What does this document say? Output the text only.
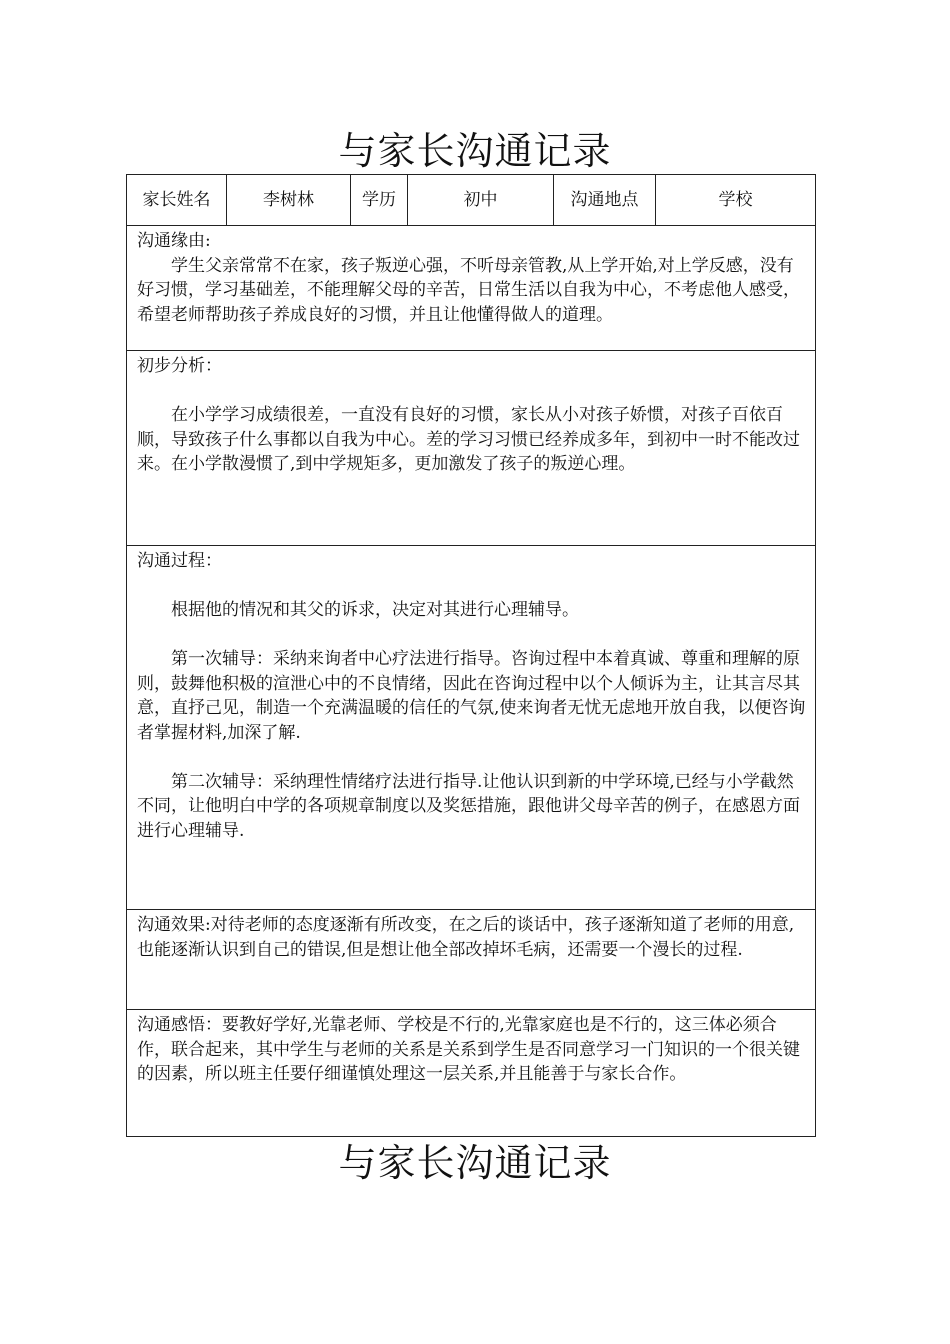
与家长沟通记录
家长姓名	李树林	学历	初中	沟通地点	学校
沟通缘由:

学生父亲常常不在家，孩子叛逆心强，不听母亲管教,从上学开始,对上学反感，没有好习惯，学习基础差，不能理解父母的辛苦，日常生活以自我为中心，不考虑他人感受，希望老师帮助孩子养成良好的习惯，并且让他懂得做人的道理。

初步分析：

在小学学习成绩很差，一直没有良好的习惯，家长从小对孩子娇惯，对孩子百依百顺，导致孩子什么事都以自我为中心。差的学习习惯已经养成多年，到初中一时不能改过来。在小学散漫惯了,到中学规矩多，更加激发了孩子的叛逆心理。

沟通过程：

根据他的情况和其父的诉求，决定对其进行心理辅导。

第一次辅导：采纳来询者中心疗法进行指导。咨询过程中本着真诚、尊重和理解的原则，鼓舞他积极的渲泄心中的不良情绪，因此在咨询过程中以个人倾诉为主，让其言尽其意，直抒己见，制造一个充满温暖的信任的气氛,使来询者无忧无虑地开放自我，以便咨询者掌握材料,加深了解.

第二次辅导：采纳理性情绪疗法进行指导.让他认识到新的中学环境,已经与小学截然不同，让他明白中学的各项规章制度以及奖惩措施，跟他讲父母辛苦的例子，在感恩方面进行心理辅导.

沟通效果:对待老师的态度逐渐有所改变，在之后的谈话中，孩子逐渐知道了老师的用意,也能逐渐认识到自己的错误,但是想让他全部改掉坏毛病，还需要一个漫长的过程.

沟通感悟：要教好学好,光靠老师、学校是不行的,光靠家庭也是不行的，这三体必须合作，联合起来，其中学生与老师的关系是关系到学生是否同意学习一门知识的一个很关键的因素，所以班主任要仔细谨慎处理这一层关系,并且能善于与家长合作。

与家长沟通记录
